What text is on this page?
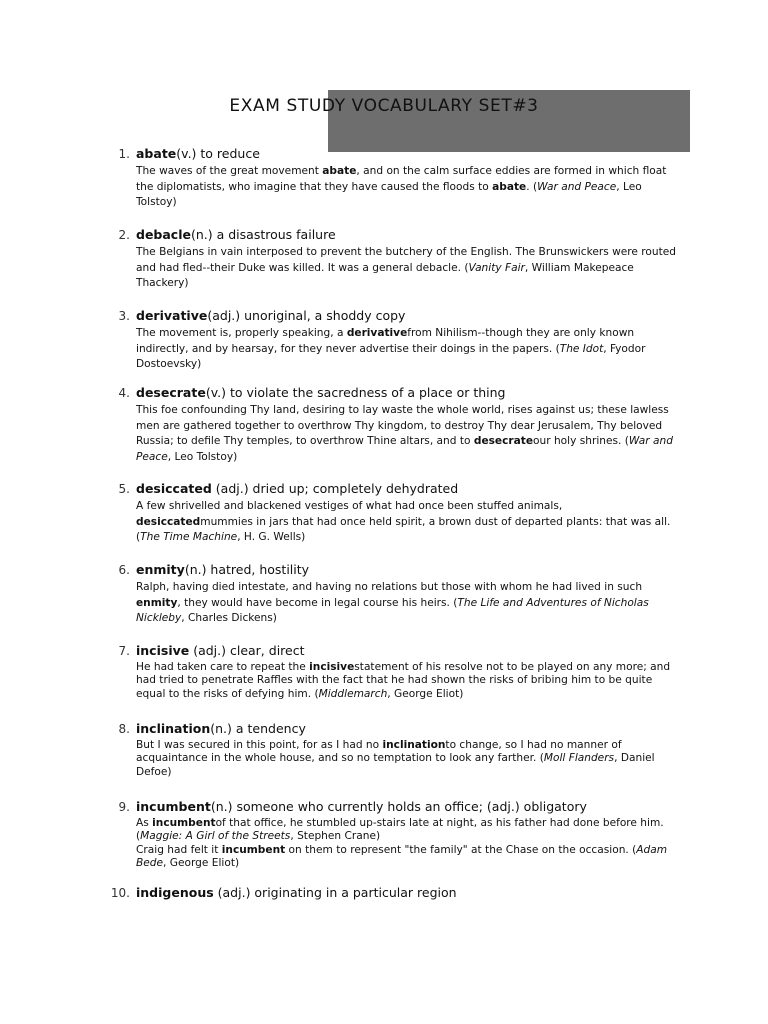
EXAM STUDY VOCABULARY SET#3
1. abate(v.) to reduce

The waves of the great movement abate, and on the calm surface eddies are formed in which float the diplomatists, who imagine that they have caused the floods to abate. (War and Peace, Leo Tolstoy)

2. debacle(n.) a disastrous failure

The Belgians in vain interposed to prevent the butchery of the English. The Brunswickers were routed and had fled--their Duke was killed. It was a general debacle. (Vanity Fair, William Makepeace Thackery)

3. derivative(adj.) unoriginal, a shoddy copy

The movement is, properly speaking, a derivativefrom Nihilism--though they are only known indirectly, and by hearsay, for they never advertise their doings in the papers. (The Idot, Fyodor Dostoevsky)

4. desecrate(v.) to violate the sacredness of a place or thing

This foe confounding Thy land, desiring to lay waste the whole world, rises against us; these lawless men are gathered together to overthrow Thy kingdom, to destroy Thy dear Jerusalem, Thy beloved Russia; to defile Thy temples, to overthrow Thine altars, and to desecrateour holy shrines. (War and Peace, Leo Tolstoy)

5. desiccated (adj.) dried up; completely dehydrated

A few shrivelled and blackened vestiges of what had once been stuffed animals, desiccatedmummies in jars that had once held spirit, a brown dust of departed plants: that was all. (The Time Machine, H. G. Wells)

6. enmity(n.) hatred, hostility

Ralph, having died intestate, and having no relations but those with whom he had lived in such enmity, they would have become in legal course his heirs. (The Life and Adventures of Nicholas Nickleby, Charles Dickens)

7. incisive (adj.) clear, direct

He had taken care to repeat the incisivestatement of his resolve not to be played on any more; and had tried to penetrate Raffles with the fact that he had shown the risks of bribing him to be quite equal to the risks of defying him. (Middlemarch, George Eliot)

8. inclination(n.) a tendency

But I was secured in this point, for as I had no inclinationto change, so I had no manner of acquaintance in the whole house, and so no temptation to look any farther. (Moll Flanders, Daniel Defoe)

9. incumbent(n.) someone who currently holds an office; (adj.) obligatory

As incumbentof that office, he stumbled up-stairs late at night, as his father had done before him. (Maggie: A Girl of the Streets, Stephen Crane)

Craig had felt it incumbent on them to represent "the family" at the Chase on the occasion. (Adam Bede, George Eliot)

10. indigenous (adj.) originating in a particular region
